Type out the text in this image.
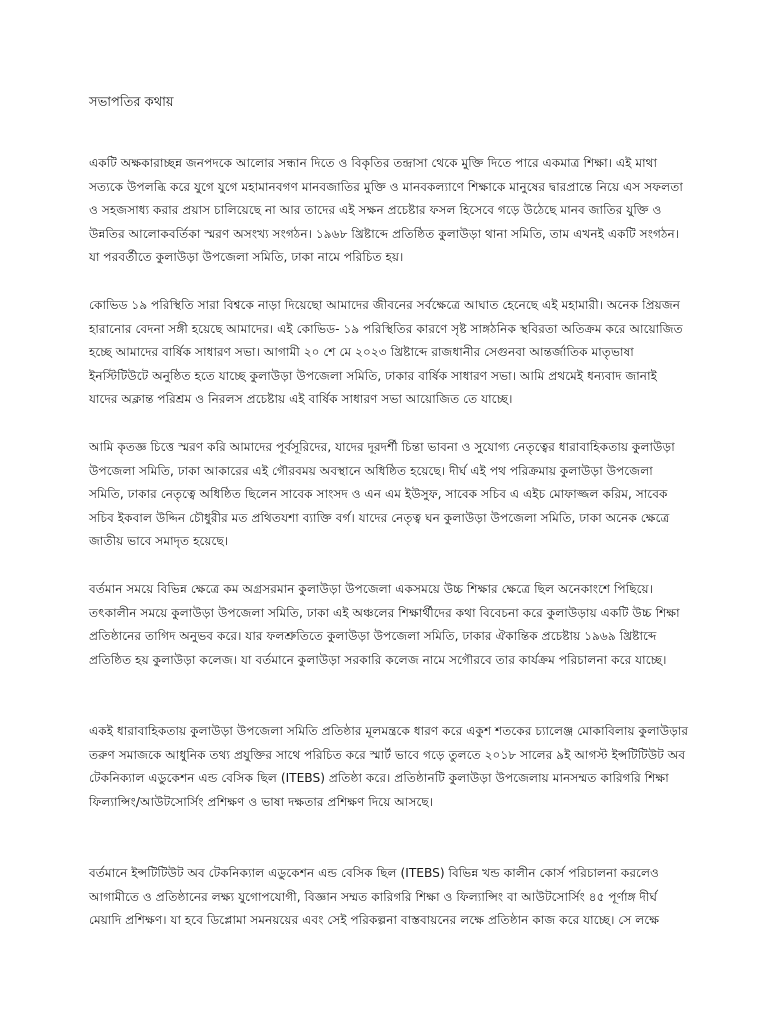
সভাপতির কথায়

একটি অক্ষকারাচ্ছন্ন জনপদকে আলোর সন্ধান দিতে ও বিকৃতির তন্দ্রাসা থেকে মুক্তি দিতে পারে একমাত্র শিক্ষা। এই মাথা সত্যকে উপলব্ধি করে যুগে যুগে মহামানবগণ মানবজাতির মুক্তি ও মানবকল্যাণে শিক্ষাকে মানুষের দ্বারপ্রান্তে নিয়ে এস সফলতা ও সহজসাধ্য করার প্রয়াস চালিয়েছে না আর তাদের এই সক্ষন প্রচেষ্টার ফসল হিসেবে গড়ে উঠেছে মানব জাতির যুক্তি ও উন্নতির আলোকবর্তিকা স্মরণ অসংখ্য সংগঠন। ১৯৬৮ খ্রিষ্টাব্দে প্রতিষ্ঠিত কুলাউড়া থানা সমিতি, তাম এখনই একটি সংগঠন। যা পরবর্তীতে কুলাউড়া উপজেলা সমিতি, ঢাকা নামে পরিচিত হয়।

কোভিড ১৯ পরিস্থিতি সারা বিশ্বকে নাড়া দিয়েছো আমাদের জীবনের সর্বক্ষেত্রে আঘাত হেনেছে এই মহামারী। অনেক প্রিয়জন হারানোর বেদনা সঙ্গী হয়েছে আমাদের। এই কোভিড- ১৯ পরিস্থিতির কারণে সৃষ্ট সাঙ্গঠনিক স্থবিরতা অতিক্রম করে আয়োজিত হচ্ছে আমাদের বার্ষিক সাধারণ সভা। আগামী ২০ শে মে ২০২৩ খ্রিষ্টাব্দে রাজধানীর সেগুনবা আন্তর্জাতিক মাতৃভাষা ইনস্টিটিউটে অনুষ্ঠিত হতে যাচ্ছে কুলাউড়া উপজেলা সমিতি, ঢাকার বার্ষিক সাধারণ সভা। আমি প্রথমেই ধন্যবাদ জানাই যাদের অক্লান্ত পরিশ্রম ও নিরলস প্রচেষ্টায় এই বার্ষিক সাধারণ সভা আয়োজিত তে যাচ্ছে।

আমি কৃতজ্ঞ চিত্তে স্মরণ করি আমাদের পূর্বসূরিদের, যাদের দূরদর্শী চিন্তা ভাবনা ও সুযোগ্য নেতৃত্বের ধারাবাহিকতায় কুলাউড়া উপজেলা সমিতি, ঢাকা আকারের এই গৌরবময় অবস্থানে অধিষ্ঠিত হয়েছে। দীর্ঘ এই পথ পরিক্রমায় কুলাউড়া উপজেলা সমিতি, ঢাকার নেতৃত্বে অধিষ্ঠিত ছিলেন সাবেক সাংসদ ও এন এম ইউসুফ, সাবেক সচিব এ এইচ মোফাজ্জল করিম, সাবেক সচিব ইকবাল উদ্দিন চৌধুরীর মত প্রথিতযশা ব্যাক্তি বর্গ। যাদের নেতৃত্ব ঘন কুলাউড়া উপজেলা সমিতি, ঢাকা অনেক ক্ষেত্রে জাতীয় ভাবে সমাদৃত হয়েছে।

বর্তমান সময়ে বিভিন্ন ক্ষেত্রে কম অগ্রসরমান কুলাউড়া উপজেলা একসময়ে উচ্চ শিক্ষার ক্ষেত্রে ছিল অনেকাংশে পিছিয়ে। তৎকালীন সময়ে কুলাউড়া উপজেলা সমিতি, ঢাকা এই অঞ্চলের শিক্ষার্থীদের কথা বিবেচনা করে কুলাউড়ায় একটি উচ্চ শিক্ষা প্রতিষ্ঠানের তাগিদ অনুভব করে। যার ফলশ্রুতিতে কুলাউড়া উপজেলা সমিতি, ঢাকার ঐকান্তিক প্রচেষ্টায় ১৯৬৯ খ্রিষ্টাব্দে প্রতিষ্ঠিত হয় কুলাউড়া কলেজ। যা বর্তমানে কুলাউড়া সরকারি কলেজ নামে সগৌরবে তার কার্যক্রম পরিচালনা করে যাচ্ছে।

একই ধারাবাহিকতায় কুলাউড়া উপজেলা সমিতি প্রতিষ্ঠার মূলমন্ত্রকে ধারণ করে একুশ শতকের চ্যালেঞ্জ মোকাবিলায় কুলাউড়ার তরুণ সমাজকে আধুনিক তথ্য প্রযুক্তির সাথে পরিচিত করে স্মার্ট ভাবে গড়ে তুলতে ২০১৮ সালের ৯ই আগস্ট ইন্সটিটিউট অব টেকনিক্যাল এডুকেশন এন্ড বেসিক ছিল (ITEBS) প্রতিষ্ঠা করে। প্রতিষ্ঠানটি কুলাউড়া উপজেলায় মানসম্মত কারিগরি শিক্ষা ফিল্যান্সিং/আউটসোর্সিং প্রশিক্ষণ ও ভাষা দক্ষতার প্রশিক্ষণ দিয়ে আসছে।

বর্তমানে ইন্সটিটিউট অব টেকনিক্যাল এডুকেশন এন্ড বেসিক ছিল (ITEBS) বিভিন্ন খন্ড কালীন কোর্স পরিচালনা করলেও আগামীতে ও প্রতিষ্ঠানের লক্ষ্য যুগোপযোগী, বিজ্ঞান সম্মত কারিগরি শিক্ষা ও ফিল্যান্সিং বা আউটসোর্সিং ৪৫ পূর্ণাঙ্গ দীর্ঘ মেয়াদি প্রশিক্ষণ। যা হবে ডিপ্লোমা সমনয়য়ের এবং সেই পরিকল্পনা বাস্তবায়নের লক্ষে প্রতিষ্ঠান কাজ করে যাচ্ছে। সে লক্ষে
